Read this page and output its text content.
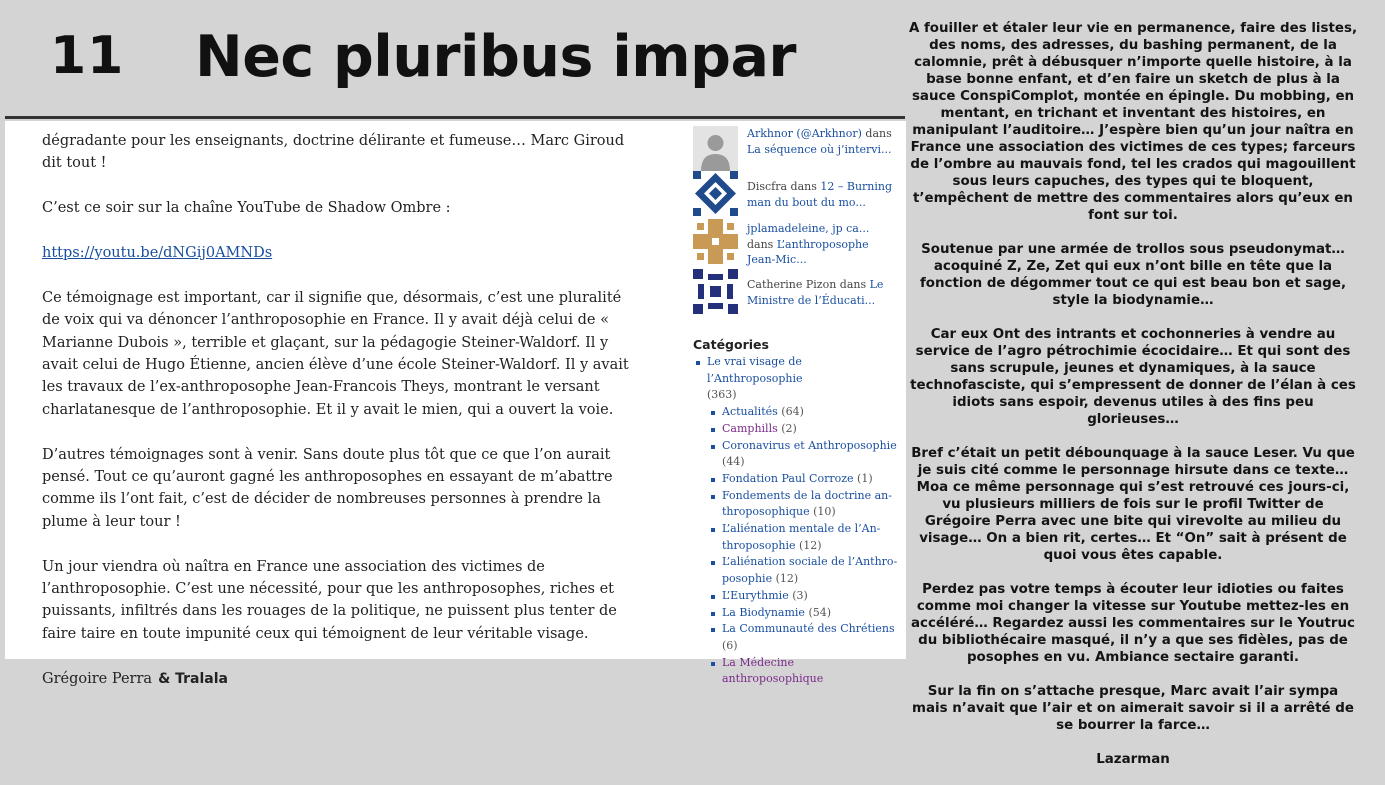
11 Nec pluribus impar

dégradante pour les enseignants, doctrine délirante et fumeuse… Marc Giroud dit tout !

C’est ce soir sur la chaîne YouTube de Shadow Ombre :

https://youtu.be/dNGij0AMNDs

Ce témoignage est important, car il signifie que, désormais, c’est une pluralité de voix qui va dénoncer l’anthroposophie en France. Il y avait déjà celui de « Marianne Dubois », terrible et glaçant, sur la pédagogie Steiner-Waldorf. Il y avait celui de Hugo Étienne, ancien élève d’une école Steiner-Waldorf. Il y avait les travaux de l’ex-anthroposophe Jean-Francois Theys, montrant le versant charlatanesque de l’anthroposophie. Et il y avait le mien, qui a ouvert la voie.

D’autres témoignages sont à venir. Sans doute plus tôt que ce que l’on aurait pensé. Tout ce qu’auront gagné les anthroposophes en essayant de m’abattre comme ils l’ont fait, c’est de décider de nombreuses personnes à prendre la plume à leur tour !

Un jour viendra où naîtra en France une association des victimes de l’anthroposophie. C’est une nécessité, pour que les anthroposophes, riches et puissants, infiltrés dans les rouages de la politique, ne puissent plus tenter de faire taire en toute impunité ceux qui témoignent de leur véritable visage.

Grégoire Perra & Tralala

Arkhnor (@Arkhnor) dans La séquence où j’intervi...
Discfra dans 12 – Burning man du bout du mo...
jplamadeleine, jp ca...
dans L’anthroposophe Jean-Mic...
Catherine Pizon dans Le Ministre de l’Éducati...
Catégories
Le vrai visage de l’Anthroposophie
(363)
Actualités (64)
Camphills (2)
Coronavirus et Anthroposophie
(44)
Fondation Paul Corroze (1)
Fondements de la doctrine an-throposophique (10)
L’aliénation mentale de l’An-throposophie (12)
L’aliénation sociale de l’Anthro-posophie (12)
L’Eurythmie (3)
La Biodynamie (54)
La Communauté des Chrétiens
(6)
La Médecine anthroposophique

A fouiller et étaler leur vie en permanence, faire des listes, des noms, des adresses, du bashing permanent, de la calomnie, prêt à débusquer n’importe quelle histoire, à la base bonne enfant, et d’en faire un sketch de plus à la sauce ConspiComplot, montée en épingle. Du mobbing, en mentant, en trichant et inventant des histoires, en manipulant l’auditoire… J’espère bien qu’un jour naîtra en France une association des victimes de ces types; farceurs de l’ombre au mauvais fond, tel les crados qui magouillent sous leurs capuches, des types qui te bloquent, t’empêchent de mettre des commentaires alors qu’eux en font sur toi.

Soutenue par une armée de trollos sous pseudonymat… acoquiné Z, Ze, Zet qui eux n’ont bille en tête que la fonction de dégommer tout ce qui est beau bon et sage, style la biodynamie…

Car eux Ont des intrants et cochonneries à vendre au service de l’agro pétrochimie écocidaire… Et qui sont des sans scrupule, jeunes et dynamiques, à la sauce technofasciste, qui s’empressent de donner de l’élan à ces idiots sans espoir, devenus utiles à des fins peu glorieuses…

Bref c’était un petit débounquage à la sauce Leser. Vu que je suis cité comme le personnage hirsute dans ce texte… Moa ce même personnage qui s’est retrouvé ces jours-ci, vu plusieurs milliers de fois sur le profil Twitter de Grégoire Perra avec une bite qui virevolte au milieu du visage… On a bien rit, certes… Et “On” sait à présent de quoi vous êtes capable.

Perdez pas votre temps à écouter leur idioties ou faites comme moi changer la vitesse sur Youtube mettez-les en accéléré… Regardez aussi les commentaires sur le Youtruc du bibliothécaire masqué, il n’y a que ses fidèles, pas de posophes en vu. Ambiance sectaire garanti.

Sur la fin on s’attache presque, Marc avait l’air sympa mais n’avait que l’air et on aimerait savoir si il a arrêté de se bourrer la farce…

Lazarman
